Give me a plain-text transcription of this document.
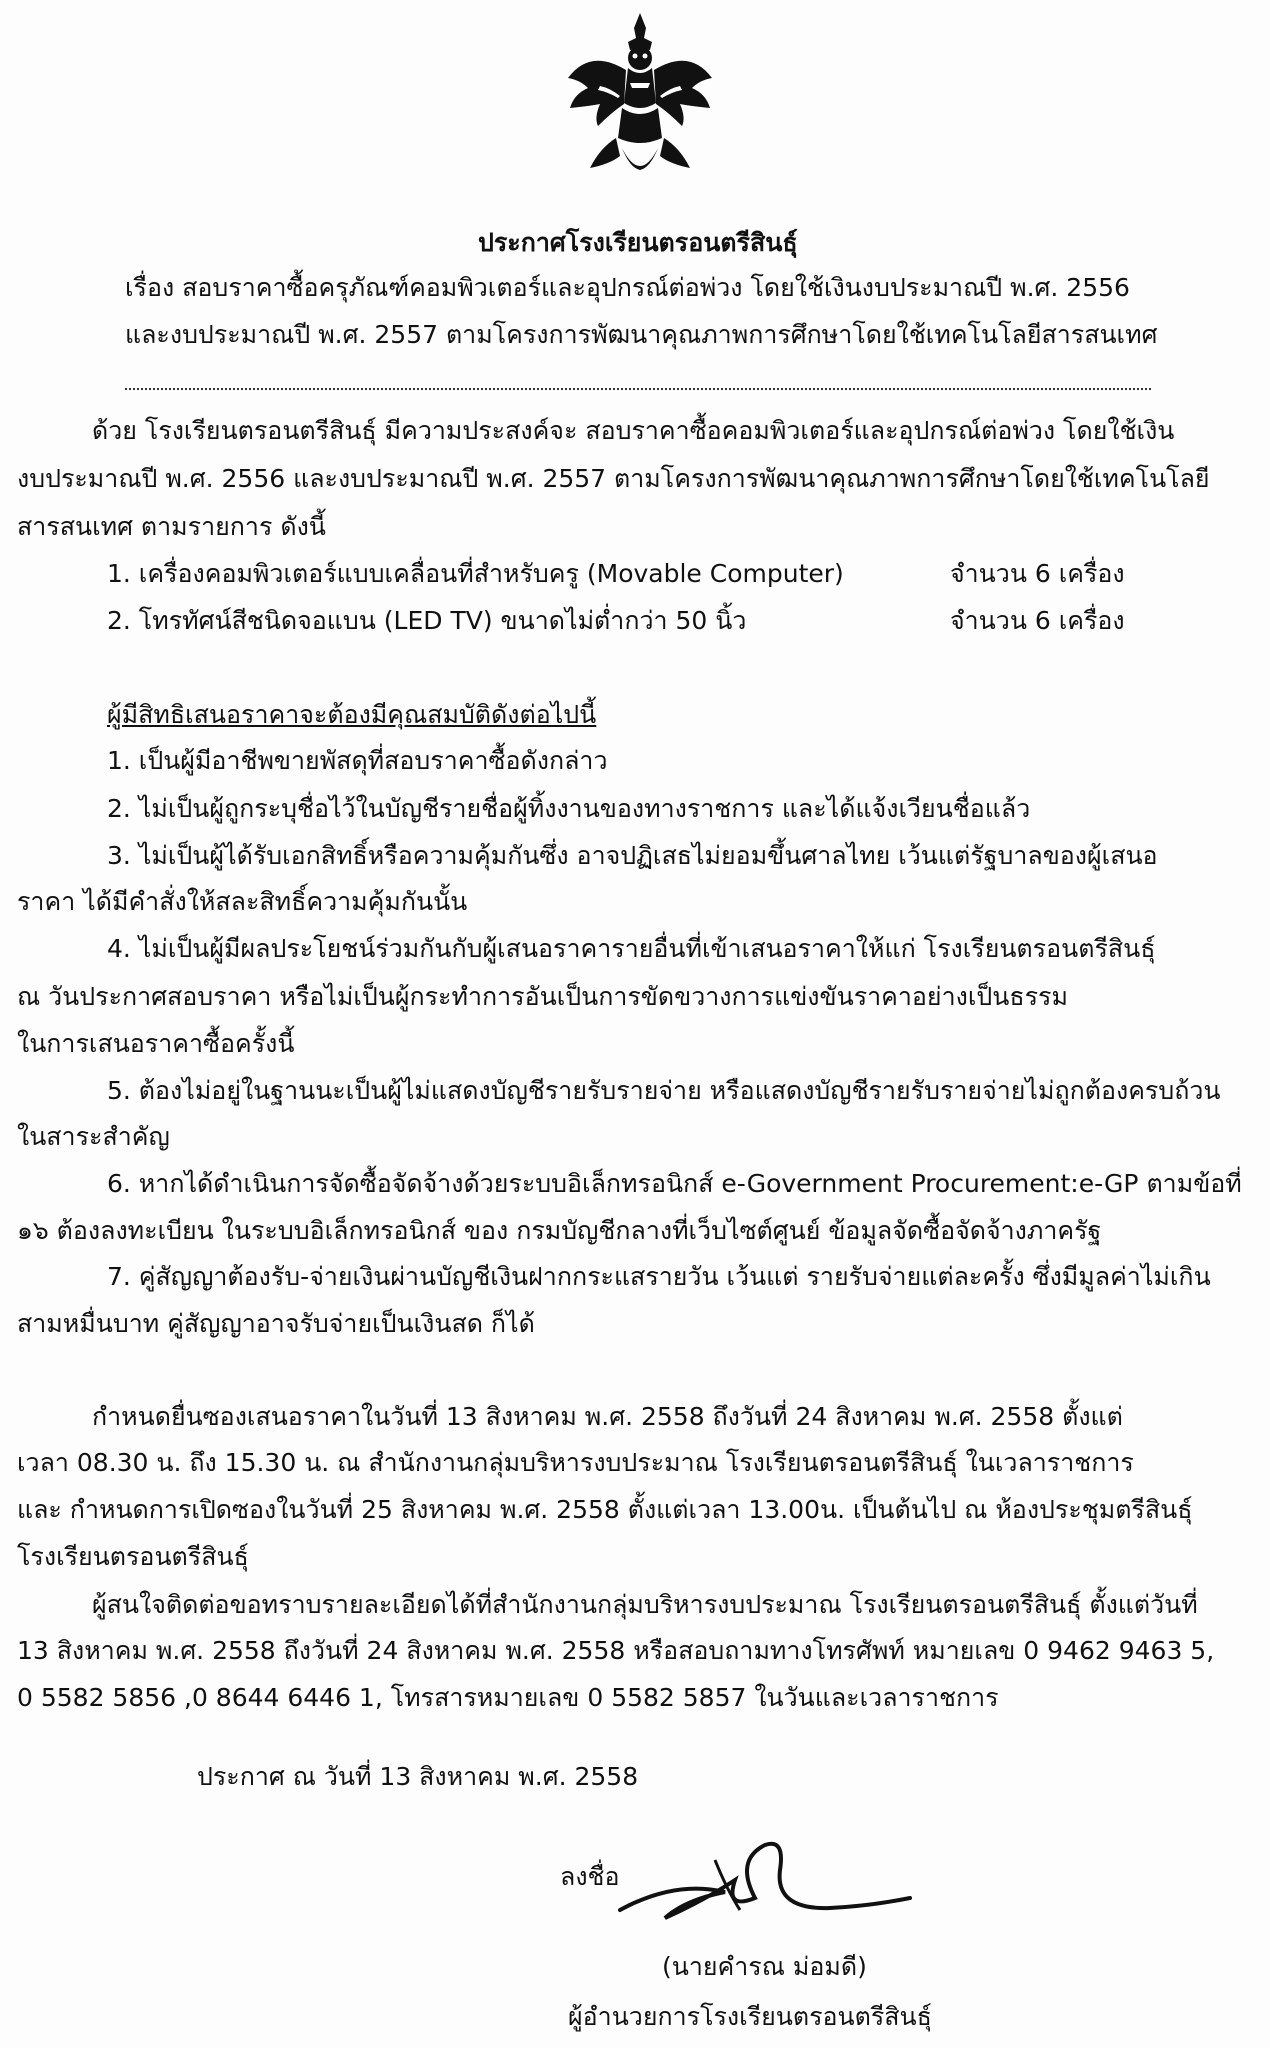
ประกาศโรงเรียนตรอนตรีสินธุ์
เรื่อง สอบราคาซื้อครุภัณฑ์คอมพิวเตอร์และอุปกรณ์ต่อพ่วง โดยใช้เงินงบประมาณปี พ.ศ. 2556
และงบประมาณปี พ.ศ. 2557 ตามโครงการพัฒนาคุณภาพการศึกษาโดยใช้เทคโนโลยีสารสนเทศ
ด้วย โรงเรียนตรอนตรีสินธุ์ มีความประสงค์จะ สอบราคาซื้อคอมพิวเตอร์และอุปกรณ์ต่อพ่วง โดยใช้เงิน
งบประมาณปี พ.ศ. 2556 และงบประมาณปี พ.ศ. 2557 ตามโครงการพัฒนาคุณภาพการศึกษาโดยใช้เทคโนโลยี
สารสนเทศ ตามรายการ ดังนี้
1. เครื่องคอมพิวเตอร์แบบเคลื่อนที่สำหรับครู (Movable Computer)	จำนวน 6 เครื่อง
2. โทรทัศน์สีชนิดจอแบน (LED TV) ขนาดไม่ต่ำกว่า 50 นิ้ว	จำนวน 6 เครื่อง
ผู้มีสิทธิเสนอราคาจะต้องมีคุณสมบัติดังต่อไปนี้
1. เป็นผู้มีอาชีพขายพัสดุที่สอบราคาซื้อดังกล่าว
2. ไม่เป็นผู้ถูกระบุชื่อไว้ในบัญชีรายชื่อผู้ทิ้งงานของทางราชการ และได้แจ้งเวียนชื่อแล้ว
3. ไม่เป็นผู้ได้รับเอกสิทธิ์หรือความคุ้มกันซึ่ง อาจปฏิเสธไม่ยอมขึ้นศาลไทย เว้นแต่รัฐบาลของผู้เสนอ
ราคา ได้มีคำสั่งให้สละสิทธิ์ความคุ้มกันนั้น
4. ไม่เป็นผู้มีผลประโยชน์ร่วมกันกับผู้เสนอราคารายอื่นที่เข้าเสนอราคาให้แก่ โรงเรียนตรอนตรีสินธุ์
ณ วันประกาศสอบราคา หรือไม่เป็นผู้กระทำการอันเป็นการขัดขวางการแข่งขันราคาอย่างเป็นธรรม
ในการเสนอราคาซื้อครั้งนี้
5. ต้องไม่อยู่ในฐานนะเป็นผู้ไม่แสดงบัญชีรายรับรายจ่าย หรือแสดงบัญชีรายรับรายจ่ายไม่ถูกต้องครบถ้วน
ในสาระสำคัญ
6. หากได้ดำเนินการจัดซื้อจัดจ้างด้วยระบบอิเล็กทรอนิกส์ e-Government Procurement:e-GP ตามข้อที่
๑๖ ต้องลงทะเบียน ในระบบอิเล็กทรอนิกส์ ของ กรมบัญชีกลางที่เว็บไซต์ศูนย์ ข้อมูลจัดซื้อจัดจ้างภาครัฐ
7. คู่สัญญาต้องรับ-จ่ายเงินผ่านบัญชีเงินฝากกระแสรายวัน เว้นแต่ รายรับจ่ายแต่ละครั้ง ซึ่งมีมูลค่าไม่เกิน
สามหมื่นบาท คู่สัญญาอาจรับจ่ายเป็นเงินสด ก็ได้
กำหนดยื่นซองเสนอราคาในวันที่ 13 สิงหาคม พ.ศ. 2558 ถึงวันที่ 24 สิงหาคม พ.ศ. 2558 ตั้งแต่
เวลา 08.30 น. ถึง 15.30 น. ณ สำนักงานกลุ่มบริหารงบประมาณ โรงเรียนตรอนตรีสินธุ์ ในเวลาราชการ
และ กำหนดการเปิดซองในวันที่ 25 สิงหาคม พ.ศ. 2558 ตั้งแต่เวลา 13.00น. เป็นต้นไป ณ ห้องประชุมตรีสินธุ์
โรงเรียนตรอนตรีสินธุ์
ผู้สนใจติดต่อขอทราบรายละเอียดได้ที่สำนักงานกลุ่มบริหารงบประมาณ โรงเรียนตรอนตรีสินธุ์ ตั้งแต่วันที่
13 สิงหาคม พ.ศ. 2558 ถึงวันที่ 24 สิงหาคม พ.ศ. 2558 หรือสอบถามทางโทรศัพท์ หมายเลข 0 9462 9463 5,
0 5582 5856 ,0 8644 6446 1, โทรสารหมายเลข 0 5582 5857 ในวันและเวลาราชการ
ประกาศ ณ วันที่ 13 สิงหาคม พ.ศ. 2558
ลงชื่อ
(นายคำรณ ม่อมดี)
ผู้อำนวยการโรงเรียนตรอนตรีสินธุ์
